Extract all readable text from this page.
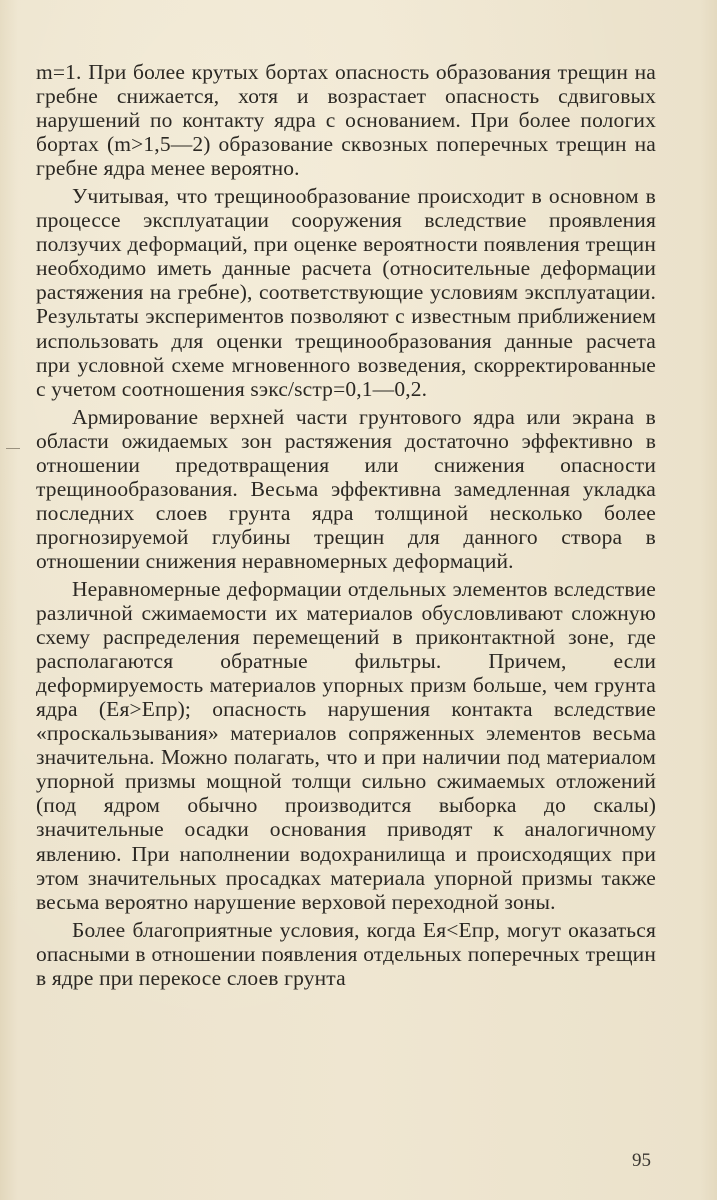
m=1. При более крутых бортах опасность образования трещин на гребне снижается, хотя и возрастает опасность сдвиговых нарушений по контакту ядра с основанием. При более пологих бортах (m>1,5—2) образование сквозных поперечных трещин на гребне ядра менее вероятно.

Учитывая, что трещинообразование происходит в основном в процессе эксплуатации сооружения вследствие проявления ползучих деформаций, при оценке вероятности появления трещин необходимо иметь данные расчета (относительные деформации растяжения на гребне), соответствующие условиям эксплуатации. Результаты экспериментов позволяют с известным приближением использовать для оценки трещинообразования данные расчета при условной схеме мгновенного возведения, скорректированные с учетом соотношения sэкс/sстр=0,1—0,2.

Армирование верхней части грунтового ядра или экрана в области ожидаемых зон растяжения достаточно эффективно в отношении предотвращения или снижения опасности трещинообразования. Весьма эффективна замедленная укладка последних слоев грунта ядра толщиной несколько более прогнозируемой глубины трещин для данного створа в отношении снижения неравномерных деформаций.

Неравномерные деформации отдельных элементов вследствие различной сжимаемости их материалов обусловливают сложную схему распределения перемещений в приконтактной зоне, где располагаются обратные фильтры. Причем, если деформируемость материалов упорных призм больше, чем грунта ядра (Eя>Eпр); опасность нарушения контакта вследствие «проскальзывания» материалов сопряженных элементов весьма значительна. Можно полагать, что и при наличии под материалом упорной призмы мощной толщи сильно сжимаемых отложений (под ядром обычно производится выборка до скалы) значительные осадки основания приводят к аналогичному явлению. При наполнении водохранилища и происходящих при этом значительных просадках материала упорной призмы также весьма вероятно нарушение верховой переходной зоны.

Более благоприятные условия, когда Eя<Eпр, могут оказаться опасными в отношении появления отдельных поперечных трещин в ядре при перекосе слоев грунта

95
